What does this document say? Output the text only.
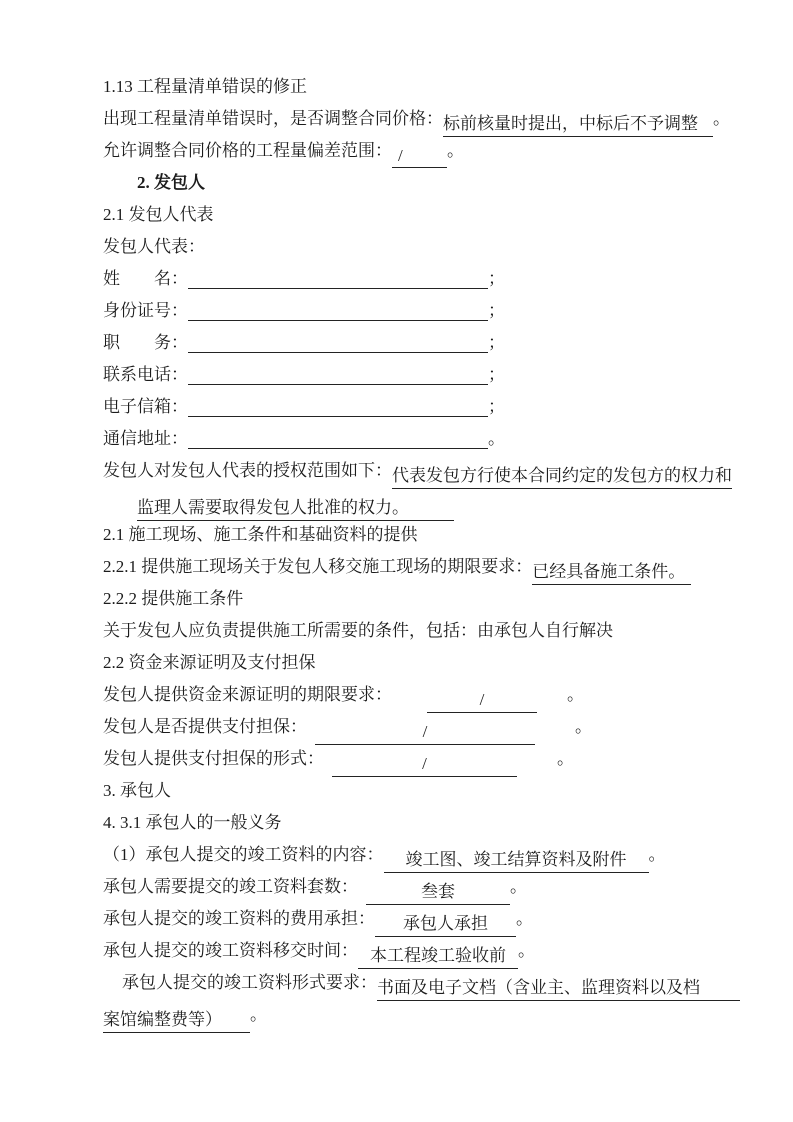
1.13 工程量清单错误的修正

出现工程量清单错误时，是否调整合同价格：标前核量时提出，中标后不予调整 。

允许调整合同价格的工程量偏差范围： /	。

2. 发包人

2.1 发包人代表

发包人代表：

姓　　名：	；

身份证号：	；

职　　务：	；

联系电话：	；

电子信箱：	；

通信地址：	。

发包人对发包人代表的授权范围如下：代表发包方行使本合同约定的发包方的权力和

监理人需要取得发包人批准的权力。

2.1 施工现场、施工条件和基础资料的提供

2.2.1 提供施工现场关于发包人移交施工现场的期限要求：已经具备施工条件。

2.2.2 提供施工条件

关于发包人应负责提供施工所需要的条件，包括：由承包人自行解决

2.2 资金来源证明及支付担保

发包人提供资金来源证明的期限要求：	/	。

发包人是否提供支付担保：	/	。

发包人提供支付担保的形式：	/	。

3. 承包人

4. 3.1 承包人的一般义务

（1）承包人提交的竣工资料的内容： 竣工图、竣工结算资料及附件 。

承包人需要提交的竣工资料套数：	叁套	。

承包人提交的竣工资料的费用承担： 承包人承担 。

承包人提交的竣工资料移交时间： 本工程竣工验收前 。

承包人提交的竣工资料形式要求：书面及电子文档（含业主、监理资料以及档

案馆编整费等） 。
